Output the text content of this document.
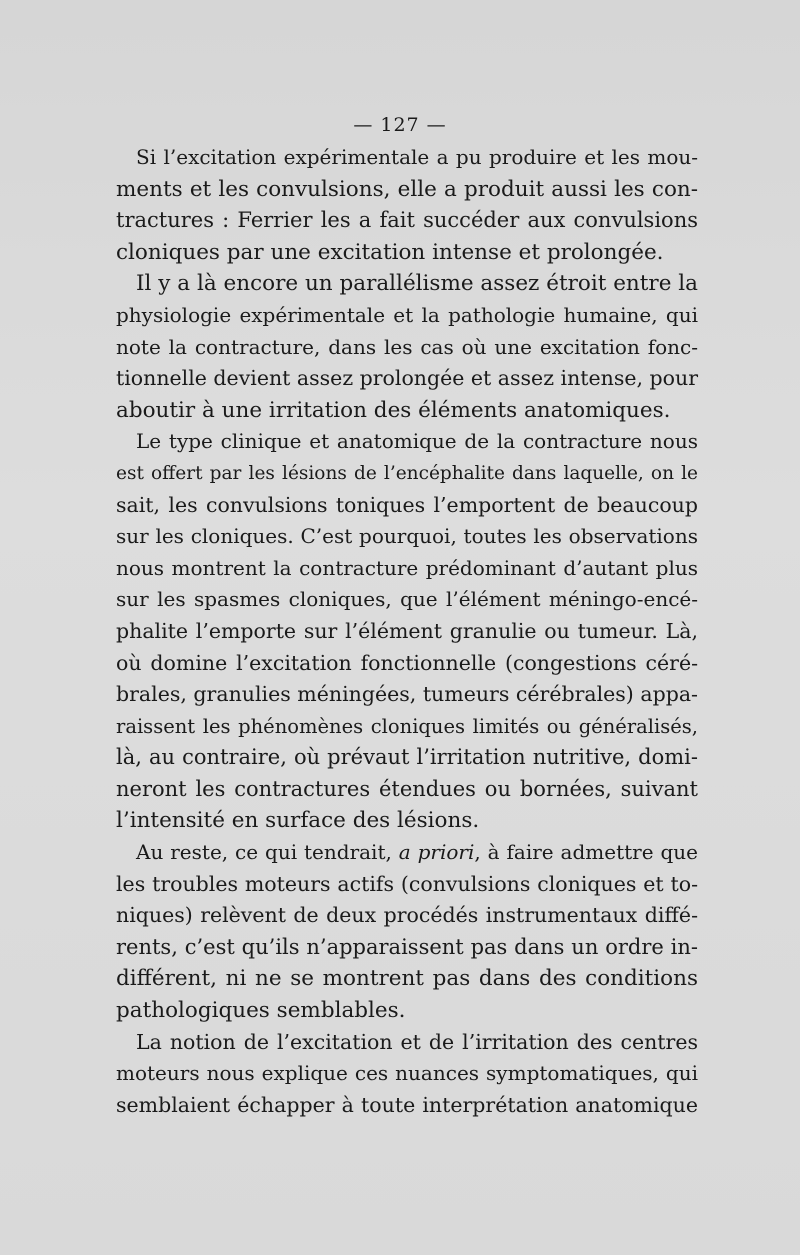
— 127 —
Si l’excitation expérimentale a pu produire et les mou-
ments et les convulsions, elle a produit aussi les con-
tractures : Ferrier les a fait succéder aux convulsions
cloniques par une excitation intense et prolongée.
Il y a là encore un parallélisme assez étroit entre la
physiologie expérimentale et la pathologie humaine, qui
note la contracture, dans les cas où une excitation fonc-
tionnelle devient assez prolongée et assez intense, pour
aboutir à une irritation des éléments anatomiques.
Le type clinique et anatomique de la contracture nous
est offert par les lésions de l’encéphalite dans laquelle, on le
sait, les convulsions toniques l’emportent de beaucoup
sur les cloniques. C’est pourquoi, toutes les observations
nous montrent la contracture prédominant d’autant plus
sur les spasmes cloniques, que l’élément méningo-encé-
phalite l’emporte sur l’élément granulie ou tumeur. Là,
où domine l’excitation fonctionnelle (congestions céré-
brales, granulies méningées, tumeurs cérébrales) appa-
raissent les phénomènes cloniques limités ou généralisés,
là, au contraire, où prévaut l’irritation nutritive, domi-
neront les contractures étendues ou bornées, suivant
l’intensité en surface des lésions.
Au reste, ce qui tendrait, a priori, à faire admettre que
les troubles moteurs actifs (convulsions cloniques et to-
niques) relèvent de deux procédés instrumentaux diffé-
rents, c’est qu’ils n’apparaissent pas dans un ordre in-
différent, ni ne se montrent pas dans des conditions
pathologiques semblables.
La notion de l’excitation et de l’irritation des centres
moteurs nous explique ces nuances symptomatiques, qui
semblaient échapper à toute interprétation anatomique
